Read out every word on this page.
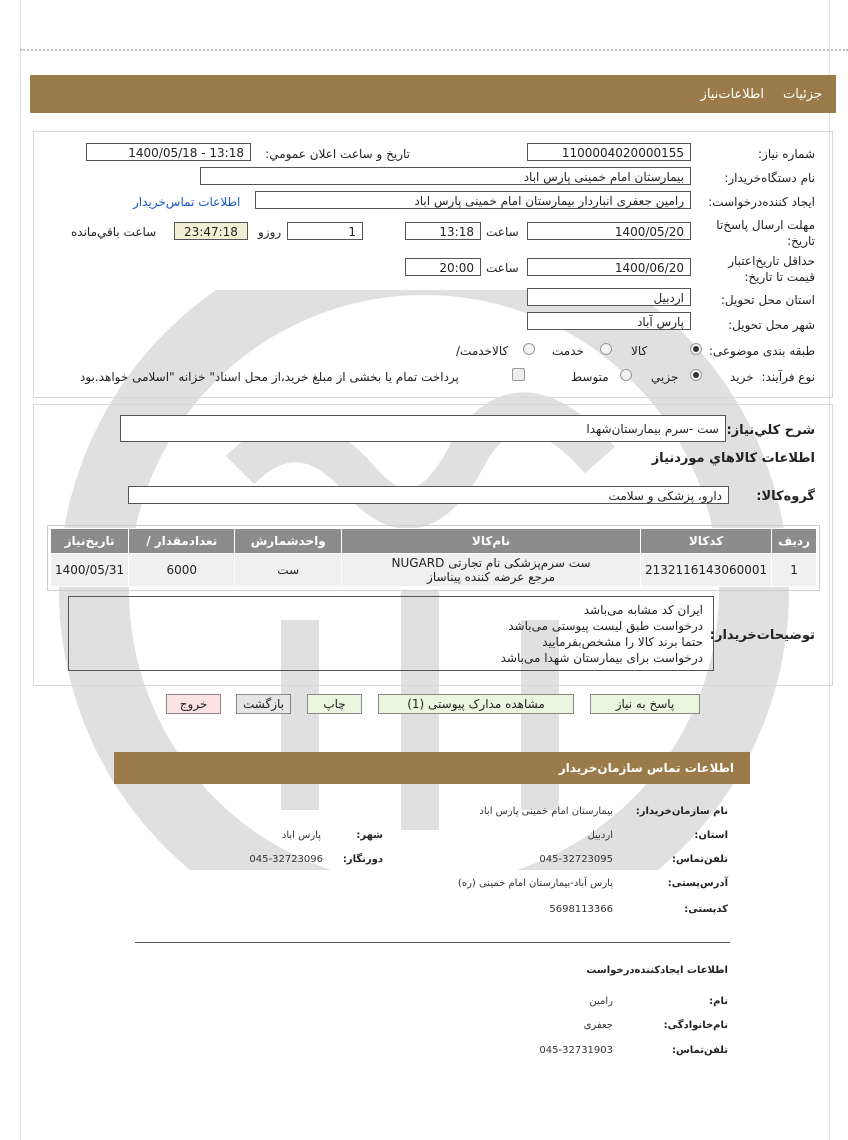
جزئیات
اطلاعات‌نیاز
شماره نیاز:
1100004020000155
تاریخ و ساعت اعلان عمومي:
1400/05/18 - 13:18
نام دستگاه‌خریدار:
بیمارستان امام خمینی پارس اباد
ایجاد کننده‌درخواست:
رامین جعفری انباردار بیمارستان امام خمینی پارس اباد
اطلاعات تماس‌خریدار
مهلت ارسال پاسخ‌تا
تاریخ:
1400/05/20
ساعت
13:18
1
روزو
23:47:18
ساعت باقي‌مانده
حداقل تاریخ‌اعتبار
قیمت تا تاریخ:
1400/06/20
ساعت
20:00
استان محل تحویل:
اردبیل
شهر محل تحویل:
پارس آباد
طبقه بندی موضوعی:
کالا
خدمت
کالاخدمت/
نوع فرآیند:
خرید
جزيي
متوسط
پرداخت تمام یا بخشی از مبلغ خرید،از محل اسناد" خزانه "اسلامی خواهد.بود
شرح کلي‌نیاز:
ست -سرم بیمارستان‌شهدا
اطلاعات کالاهاي موردنیاز
گروه‌کالا:
دارو، پزشکی و سلامت
ردیف	کدکالا	نام‌کالا	واحدشمارش	تعدادمقدار /	تاریخ‌نیاز
1	2132116143060001	ست سرم‌پزشکی نام تجارتی NUGARD
مرجع عرضه کننده پیناساز	ست	6000	1400/05/31
توضیحات‌خریدار:
ایران کد مشابه می‌باشد
درخواست طبق لیست پیوستی می‌باشد
حتما برند کالا را مشخص‌بفرمایید
درخواست برای بیمارستان شهدا می‌باشد
پاسخ به نیاز
مشاهده مدارک پیوستی (1)
چاپ
بازگشت
خروج
اطلاعات تماس سازمان‌خریدار
نام سازمان‌خریدار:
بیمارستان امام خمینی پارس اباد
استان:
اردبیل
شهر:
پارس اباد
تلفن‌تماس:
045-32723095
دورنگار:
045-32723096
آدرس‌پستی:
پارس آباد-بیمارستان امام خمینی (ره)
کد‌پستی:
5698113366
اطلاعات ایجادکننده‌درخواست
نام:
رامین
نام‌خانوادگی:
جعفری
تلفن‌تماس:
045-32731903
